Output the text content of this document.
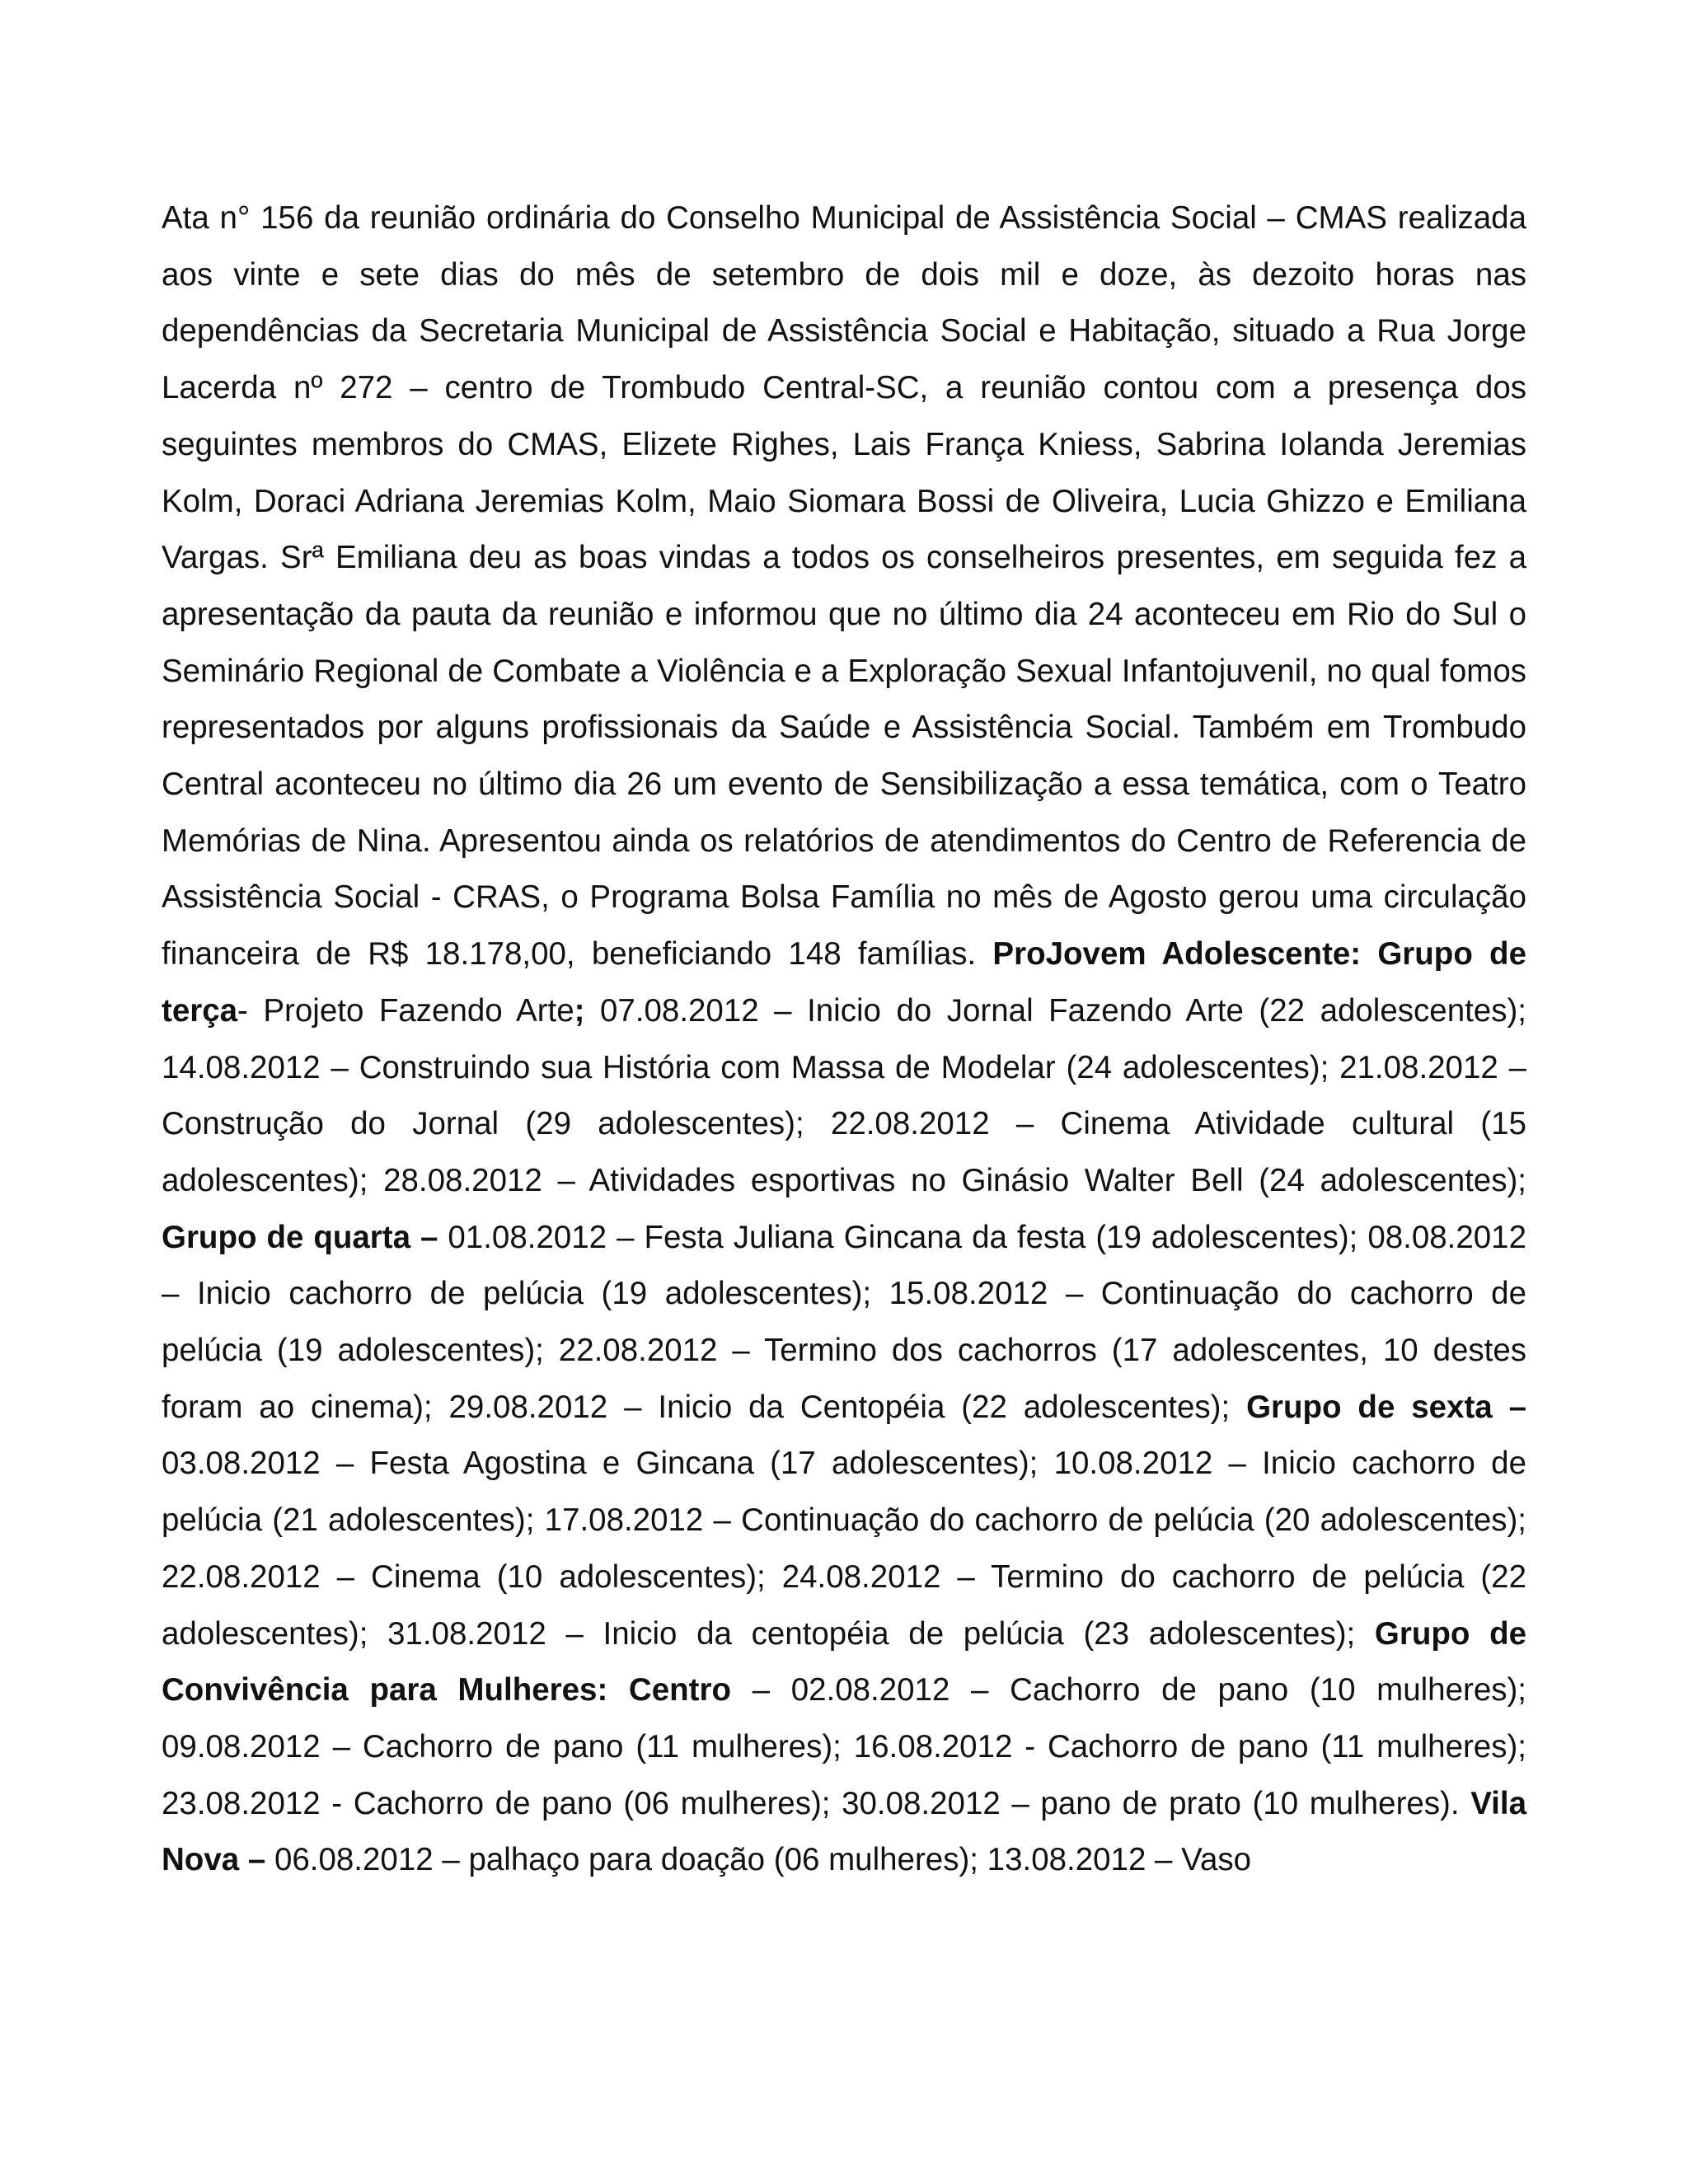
Ata n° 156 da reunião ordinária do Conselho Municipal de Assistência Social – CMAS realizada aos vinte e sete dias do mês de setembro de dois mil e doze, às dezoito horas nas dependências da Secretaria Municipal de Assistência Social e Habitação, situado a Rua Jorge Lacerda nº 272 – centro de Trombudo Central-SC, a reunião contou com a presença dos seguintes membros do CMAS, Elizete Righes, Lais França Kniess, Sabrina Iolanda Jeremias Kolm, Doraci Adriana Jeremias Kolm, Maio Siomara Bossi de Oliveira, Lucia Ghizzo e Emiliana Vargas. Srª Emiliana deu as boas vindas a todos os conselheiros presentes, em seguida fez a apresentação da pauta da reunião e informou que no último dia 24 aconteceu em Rio do Sul o Seminário Regional de Combate a Violência e a Exploração Sexual Infantojuvenil, no qual fomos representados por alguns profissionais da Saúde e Assistência Social. Também em Trombudo Central aconteceu no último dia 26 um evento de Sensibilização a essa temática, com o Teatro Memórias de Nina. Apresentou ainda os relatórios de atendimentos do Centro de Referencia de Assistência Social - CRAS, o Programa Bolsa Família no mês de Agosto gerou uma circulação financeira de R$ 18.178,00, beneficiando 148 famílias. ProJovem Adolescente: Grupo de terça- Projeto Fazendo Arte; 07.08.2012 – Inicio do Jornal Fazendo Arte (22 adolescentes); 14.08.2012 – Construindo sua História com Massa de Modelar (24 adolescentes); 21.08.2012 – Construção do Jornal (29 adolescentes); 22.08.2012 – Cinema Atividade cultural (15 adolescentes); 28.08.2012 – Atividades esportivas no Ginásio Walter Bell (24 adolescentes); Grupo de quarta – 01.08.2012 – Festa Juliana Gincana da festa (19 adolescentes); 08.08.2012 – Inicio cachorro de pelúcia (19 adolescentes); 15.08.2012 – Continuação do cachorro de pelúcia (19 adolescentes); 22.08.2012 – Termino dos cachorros (17 adolescentes, 10 destes foram ao cinema); 29.08.2012 – Inicio da Centopéia (22 adolescentes); Grupo de sexta – 03.08.2012 – Festa Agostina e Gincana (17 adolescentes); 10.08.2012 – Inicio cachorro de pelúcia (21 adolescentes); 17.08.2012 – Continuação do cachorro de pelúcia (20 adolescentes); 22.08.2012 – Cinema (10 adolescentes); 24.08.2012 – Termino do cachorro de pelúcia (22 adolescentes); 31.08.2012 – Inicio da centopéia de pelúcia (23 adolescentes); Grupo de Convivência para Mulheres: Centro – 02.08.2012 – Cachorro de pano (10 mulheres); 09.08.2012 – Cachorro de pano (11 mulheres); 16.08.2012 - Cachorro de pano (11 mulheres); 23.08.2012 - Cachorro de pano (06 mulheres); 30.08.2012 – pano de prato (10 mulheres). Vila Nova – 06.08.2012 – palhaço para doação (06 mulheres); 13.08.2012 – Vaso
